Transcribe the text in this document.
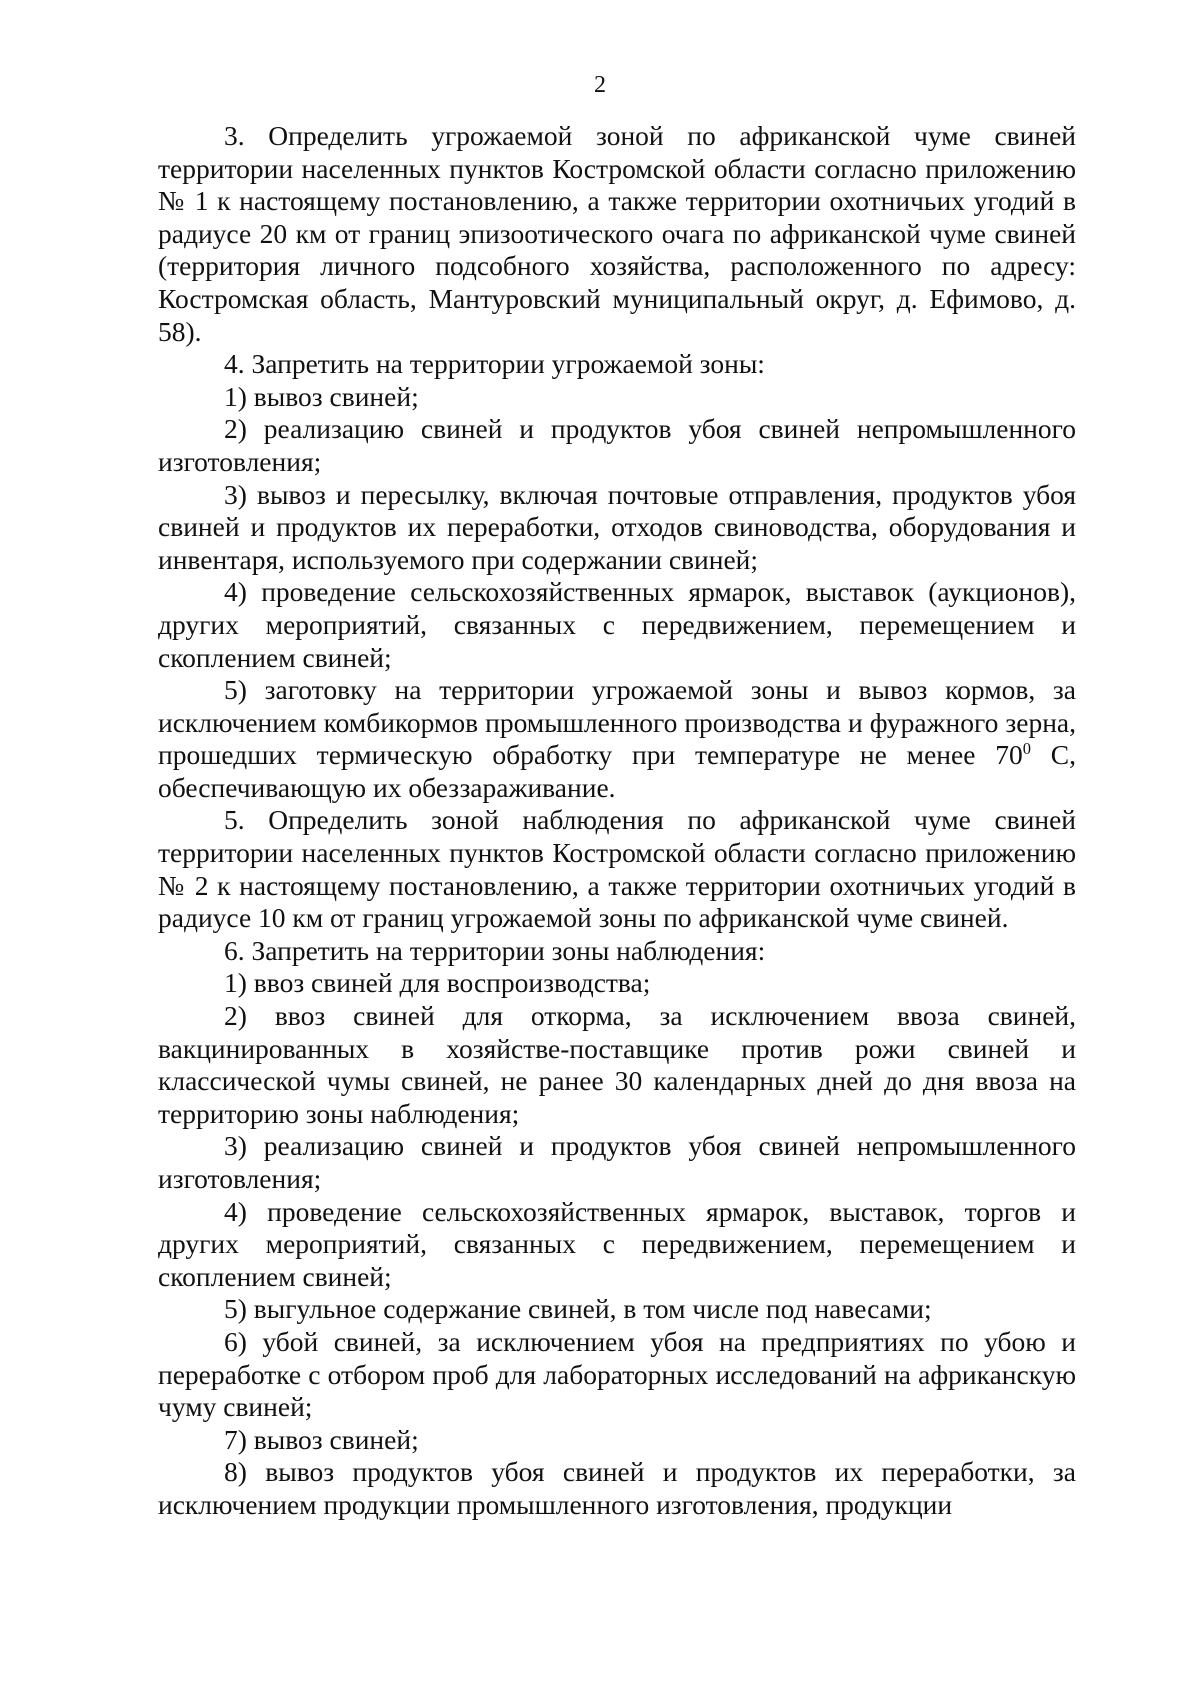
2

3. Определить угрожаемой зоной по африканской чуме свиней территории населенных пунктов Костромской области согласно приложению № 1 к настоящему постановлению, а также территории охотничьих угодий в радиусе 20 км от границ эпизоотического очага по африканской чуме свиней (территория личного подсобного хозяйства, расположенного по адресу: Костромская область, Мантуровский муниципальный округ, д. Ефимово, д. 58).

4. Запретить на территории угрожаемой зоны:

1) вывоз свиней;

2) реализацию свиней и продуктов убоя свиней непромышленного изготовления;

3) вывоз и пересылку, включая почтовые отправления, продуктов убоя свиней и продуктов их переработки, отходов свиноводства, оборудования и инвентаря, используемого при содержании свиней;

4) проведение сельскохозяйственных ярмарок, выставок (аукционов), других мероприятий, связанных с передвижением, перемещением и скоплением свиней;

5) заготовку на территории угрожаемой зоны и вывоз кормов, за исключением комбикормов промышленного производства и фуражного зерна, прошедших термическую обработку при температуре не менее $70^0$ С, обеспечивающую их обеззараживание.

5. Определить зоной наблюдения по африканской чуме свиней территории населенных пунктов Костромской области согласно приложению № 2 к настоящему постановлению, а также территории охотничьих угодий в радиусе 10 км от границ угрожаемой зоны по африканской чуме свиней.

6. Запретить на территории зоны наблюдения:

1) ввоз свиней для воспроизводства;

2) ввоз свиней для откорма, за исключением ввоза свиней, вакцинированных в хозяйстве-поставщике против рожи свиней и классической чумы свиней, не ранее 30 календарных дней до дня ввоза на территорию зоны наблюдения;

3) реализацию свиней и продуктов убоя свиней непромышленного изготовления;

4) проведение сельскохозяйственных ярмарок, выставок, торгов и других мероприятий, связанных с передвижением, перемещением и скоплением свиней;

5) выгульное содержание свиней, в том числе под навесами;

6) убой свиней, за исключением убоя на предприятиях по убою и переработке с отбором проб для лабораторных исследований на африканскую чуму свиней;

7) вывоз свиней;

8) вывоз продуктов убоя свиней и продуктов их переработки, за исключением продукции промышленного изготовления, продукции
